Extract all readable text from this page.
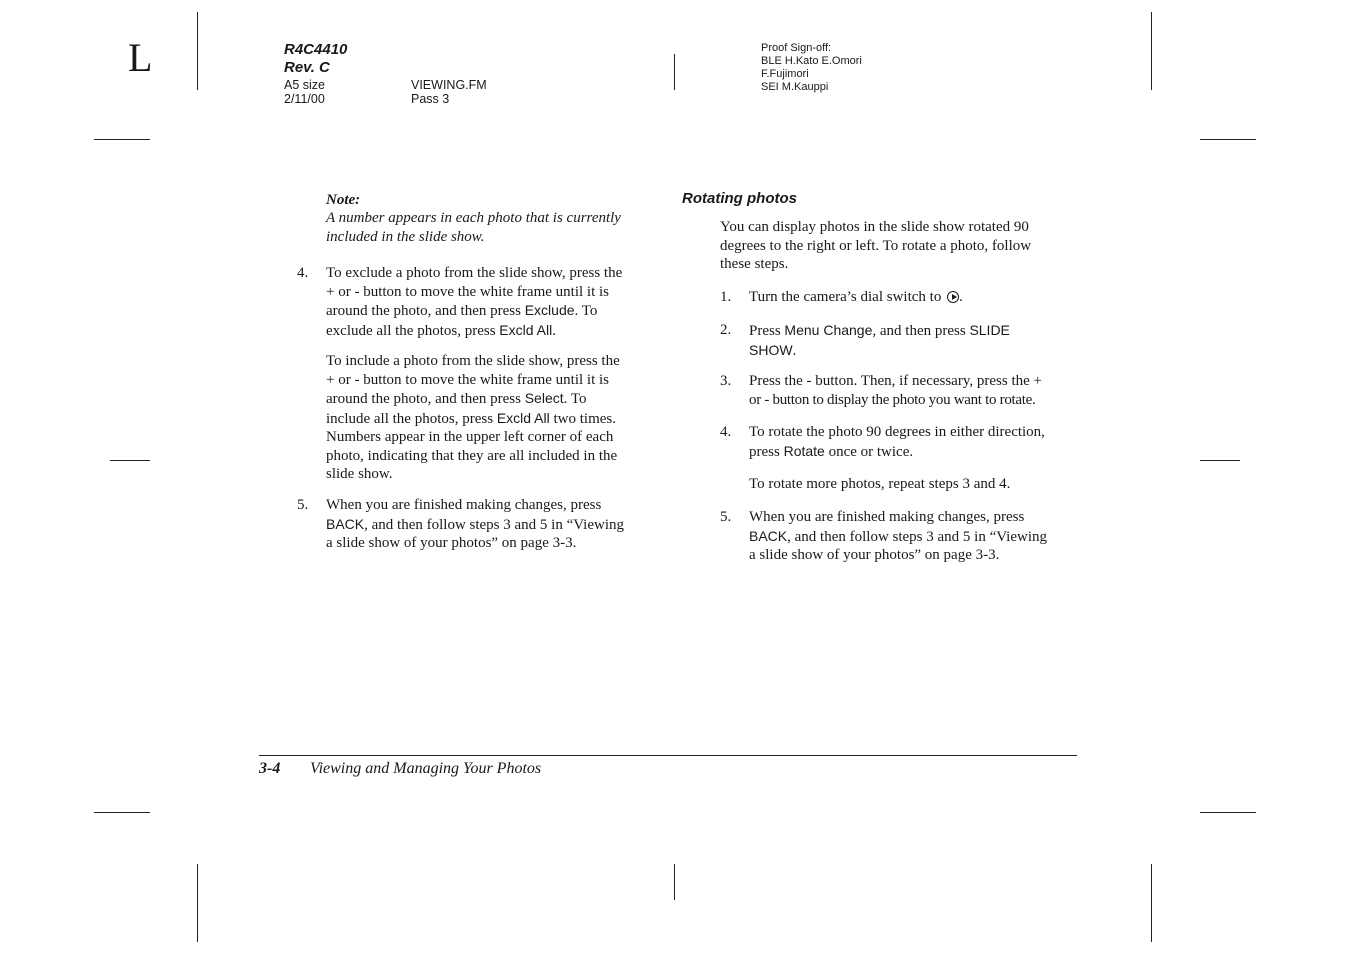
L	R4C4410
Rev. C
A5 size	VIEWING.FM
2/11/00	Pass 3
Proof Sign-off:
BLE H.Kato E.Omori
F.Fujimori
SEI M.Kauppi
Note:
A number appears in each photo that is currently
included in the slide show.
4. To exclude a photo from the slide show, press the
+ or - button to move the white frame until it is
around the photo, and then press Exclude. To
exclude all the photos, press Excld All.
To include a photo from the slide show, press the
+ or - button to move the white frame until it is
around the photo, and then press Select. To
include all the photos, press Excld All two times.
Numbers appear in the upper left corner of each
photo, indicating that they are all included in the
slide show.
5. When you are finished making changes, press
BACK, and then follow steps 3 and 5 in “Viewing
a slide show of your photos” on page 3-3.
Rotating photos
You can display photos in the slide show rotated 90
degrees to the right or left. To rotate a photo, follow
these steps.
1. Turn the camera’s dial switch to .
2. Press Menu Change, and then press SLIDE
SHOW.
3. Press the - button. Then, if necessary, press the +
or - button to display the photo you want to rotate.
4. To rotate the photo 90 degrees in either direction,
press Rotate once or twice.
To rotate more photos, repeat steps 3 and 4.
5. When you are finished making changes, press
BACK, and then follow steps 3 and 5 in “Viewing
a slide show of your photos” on page 3-3.
3-4 Viewing and Managing Your Photos
